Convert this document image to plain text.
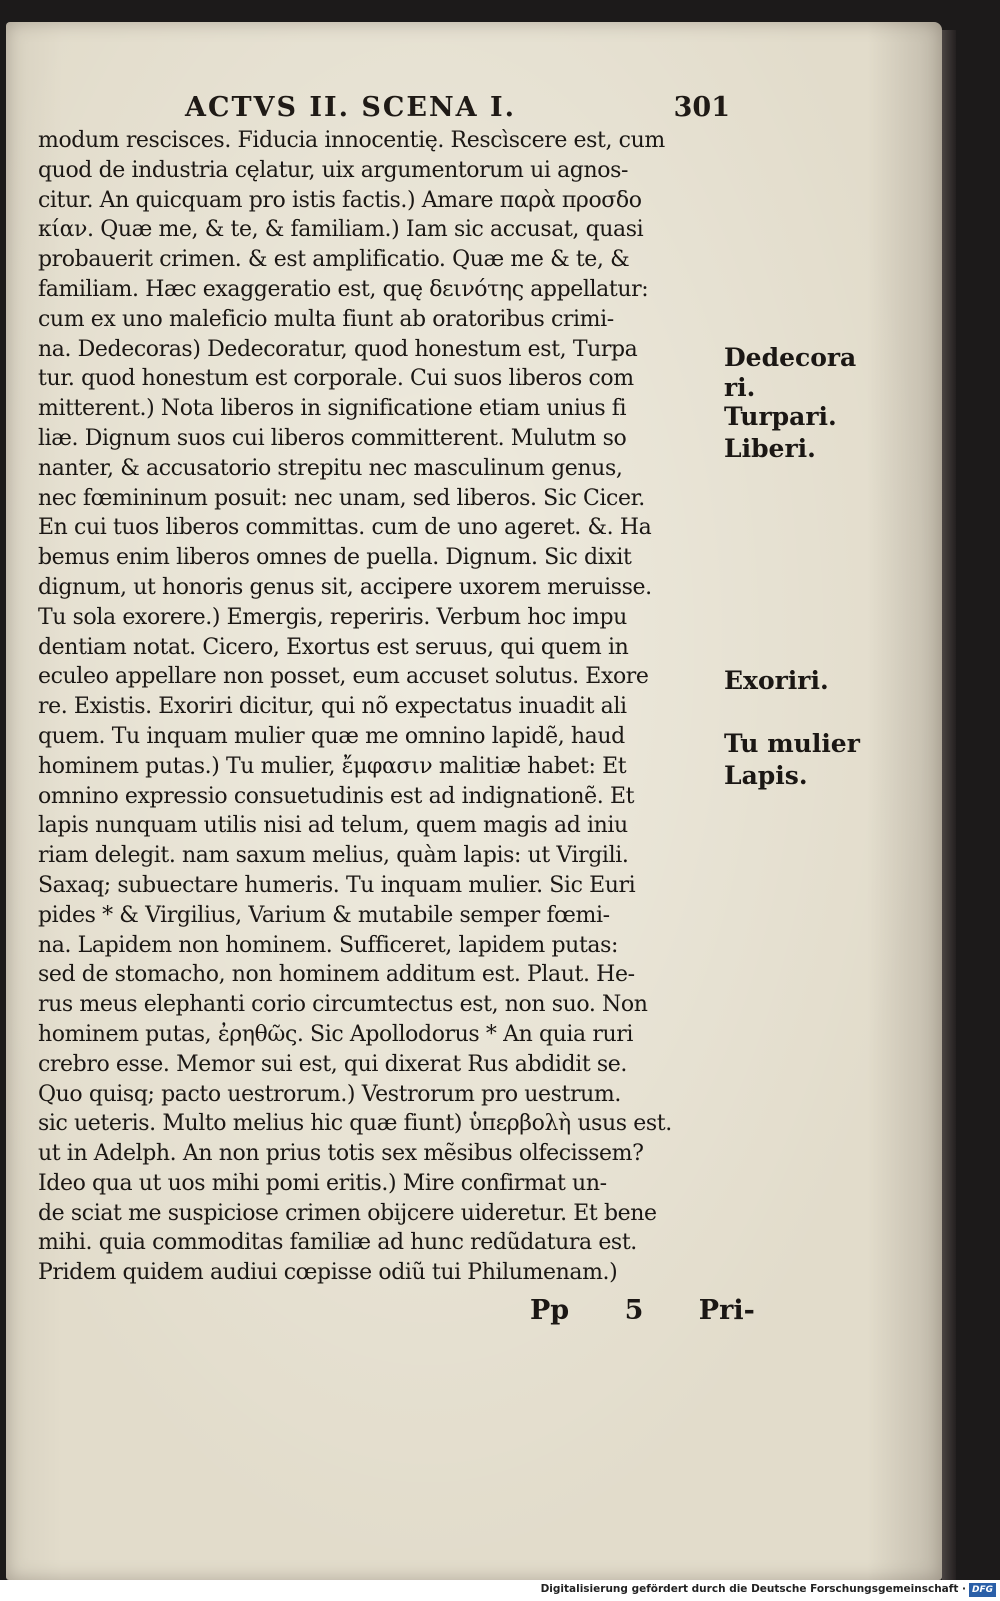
ACTVS II. SCENA I.	301
modum rescisces. Fiducia innocentię. Rescìscere est, cum
quod de industria cęlatur, uix argumentorum ui agnos-
citur. An quicquam pro istis factis.) Amare παρὰ προσδο
κίαν. Quæ me, & te, & familiam.) Iam sic accusat, quasi
probauerit crimen. & est amplificatio. Quæ me & te, &
familiam. Hæc exaggeratio est, quę δεινότης appellatur:
cum ex uno maleficio multa fiunt ab oratoribus crimi-
na. Dedecoras) Dedecoratur, quod honestum est, Turpa
tur. quod honestum est corporale. Cui suos liberos com
mitterent.) Nota liberos in significatione etiam unius fi
liæ. Dignum suos cui liberos committerent. Mulutm so
nanter, & accusatorio strepitu nec masculinum genus,
nec fœmininum posuit: nec unam, sed liberos. Sic Cicer.
En cui tuos liberos committas. cum de uno ageret. &. Ha
bemus enim liberos omnes de puella. Dignum. Sic dixit
dignum, ut honoris genus sit, accipere uxorem meruisse.
Tu sola exorere.) Emergis, reperiris. Verbum hoc impu
dentiam notat. Cicero, Exortus est seruus, qui quem in
eculeo appellare non posset, eum accuset solutus. Exore
re. Existis. Exoriri dicitur, qui nõ expectatus inuadit ali
quem. Tu inquam mulier quæ me omnino lapidẽ, haud
hominem putas.) Tu mulier, ἔμφασιν malitiæ habet: Et
omnino expressio consuetudinis est ad indignationẽ. Et
lapis nunquam utilis nisi ad telum, quem magis ad iniu
riam delegit. nam saxum melius, quàm lapis: ut Virgili.
Saxaq; subuectare humeris. Tu inquam mulier. Sic Euri
pides * & Virgilius, Varium & mutabile semper fœmi-
na. Lapidem non hominem. Sufficeret, lapidem putas:
sed de stomacho, non hominem additum est. Plaut. He-
rus meus elephanti corio circumtectus est, non suo. Non
hominem putas, ἐρηθῶς. Sic Apollodorus * An quia ruri
crebro esse. Memor sui est, qui dixerat Rus abdidit se.
Quo quisq; pacto uestrorum.) Vestrorum pro uestrum.
sic ueteris. Multo melius hic quæ fiunt) ὑπερβολὴ usus est.
ut in Adelph. An non prius totis sex mẽsibus olfecissem?
Ideo qua ut uos mihi pomi eritis.) Mire confirmat un-
de sciat me suspiciose crimen obijcere uideretur. Et bene
mihi. quia commoditas familiæ ad hunc redũdatura est.
Pridem quidem audiui cœpisse odiũ tui Philumenam.)
Dedecora
ri.
Turpari.
Liberi.
Exoriri.
Tu mulier
Lapis.
Pp 5 Pri-
Digitalisierung gefördert durch die Deutsche Forschungsgemeinschaft · DFG
